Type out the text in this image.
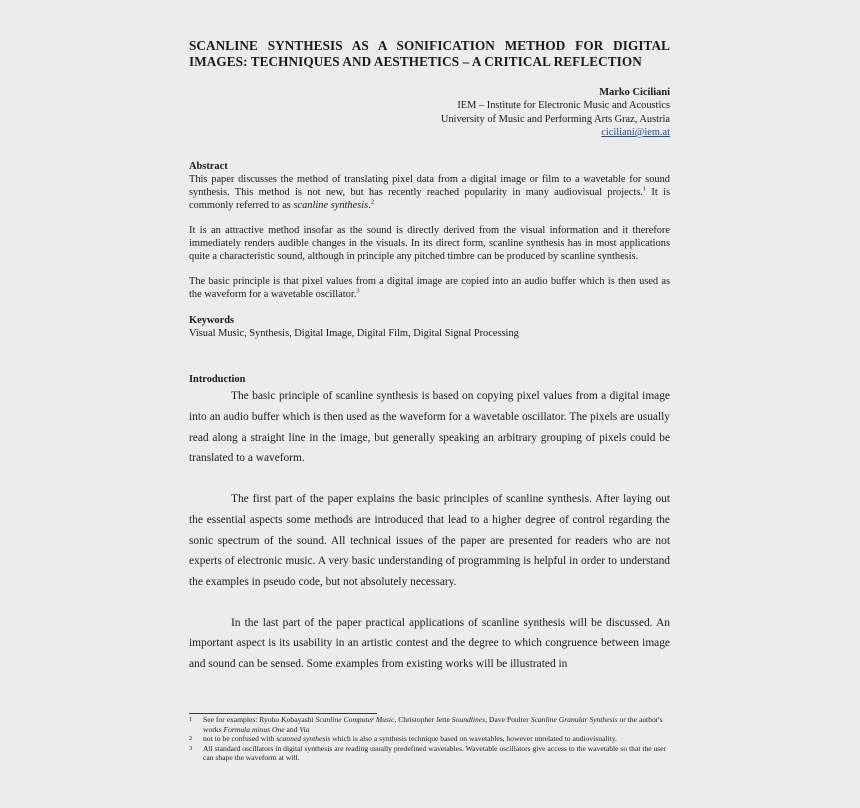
SCANLINE SYNTHESIS AS A SONIFICATION METHOD FOR DIGITAL IMAGES: TECHNIQUES AND AESTHETICS – A CRITICAL REFLECTION
Marko Ciciliani
IEM – Institute for Electronic Music and Acoustics
University of Music and Performing Arts Graz, Austria
ciciliani@iem.at
Abstract

This paper discusses the method of translating pixel data from a digital image or film to a wavetable for sound synthesis. This method is not new, but has recently reached popularity in many audiovisual projects.$^1$ It is commonly referred to as scanline synthesis.$^2$

It is an attractive method insofar as the sound is directly derived from the visual information and it therefore immediately renders audible changes in the visuals. In its direct form, scanline synthesis has in most applications quite a characteristic sound, although in principle any pitched timbre can be produced by scanline synthesis.

The basic principle is that pixel values from a digital image are copied into an audio buffer which is then used as the waveform for a wavetable oscillator.$^3$

Keywords

Visual Music, Synthesis, Digital Image, Digital Film, Digital Signal Processing

Introduction

The basic principle of scanline synthesis is based on copying pixel values from a digital image into an audio buffer which is then used as the waveform for a wavetable oscillator. The pixels are usually read along a straight line in the image, but generally speaking an arbitrary grouping of pixels could be translated to a waveform.

The first part of the paper explains the basic principles of scanline synthesis. After laying out the essential aspects some methods are introduced that lead to a higher degree of control regarding the sonic spectrum of the sound. All technical issues of the paper are presented for readers who are not experts of electronic music. A very basic understanding of programming is helpful in order to understand the examples in pseudo code, but not absolutely necessary.

In the last part of the paper practical applications of scanline synthesis will be discussed. An important aspect is its usability in an artistic contest and the degree to which congruence between image and sound can be sensed. Some examples from existing works will be illustrated in

1	See for examples: Ryoho Kobayashi Scanline Computer Music, Christopher Jette Soundlines, Dave Poulter Scanline Granular Synthesis or the author's works Formula minus One and Via
2	not to be confused with scanned synthesis which is also a synthesis technique based on wavetables, however unrelated to audiovisuality.
3	All standard oscillators in digital synthesis are reading usually predefined wavetables. Wavetable oscillators give access to the wavetable so that the user can shape the waveform at will.
